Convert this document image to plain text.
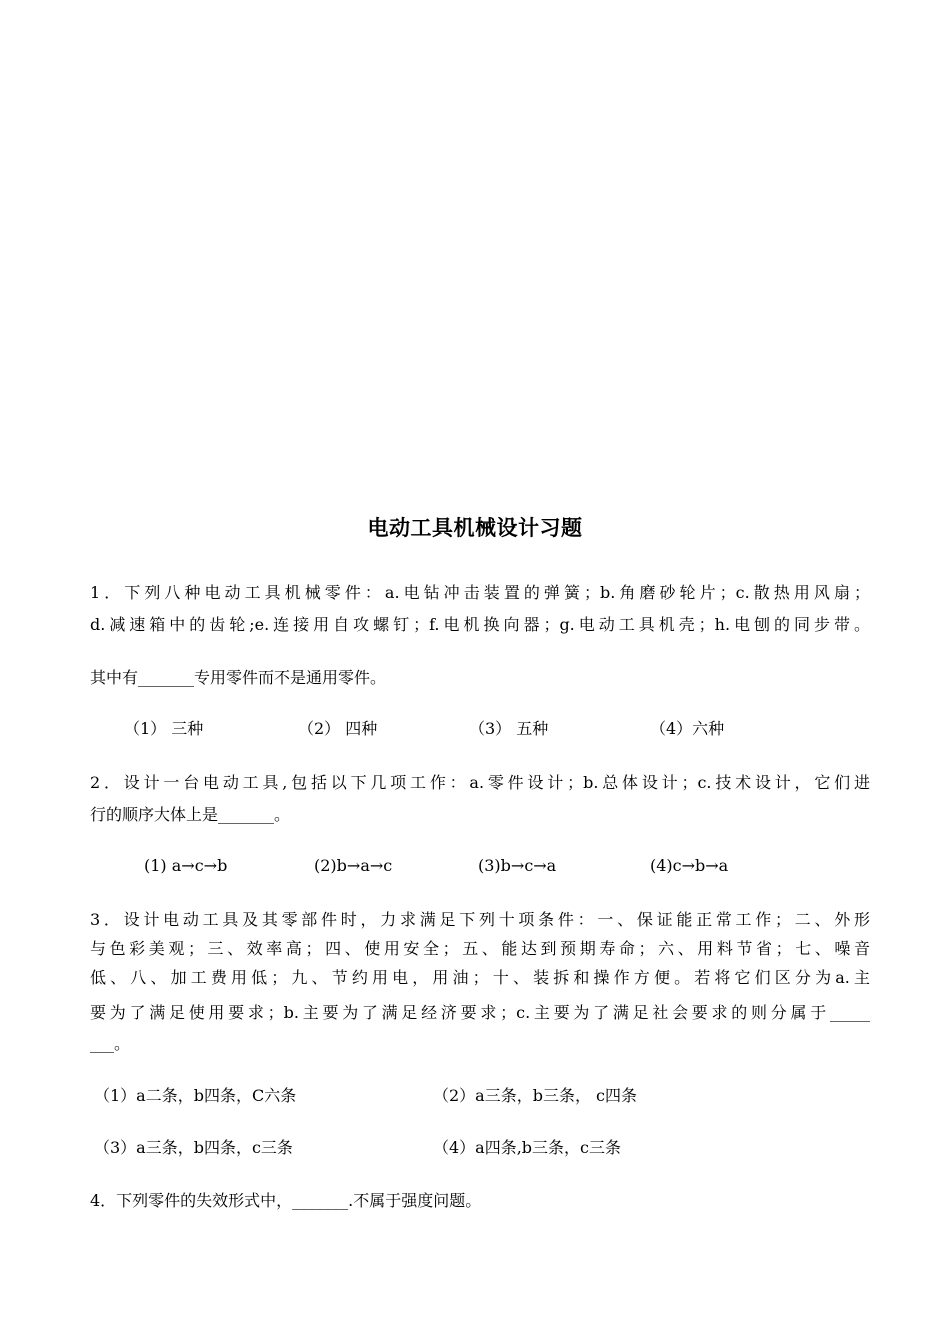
电动工具机械设计习题
1．下列八种电动工具机械零件：a.电钻冲击装置的弹簧；b.角磨砂轮片；c.散热用风扇；
d.减速箱中的齿轮;e.连接用自攻螺钉；f.电机换向器；g.电动工具机壳；h.电刨的同步带。
其中有_______专用零件而不是通用零件。
（1） 三种	（2） 四种	（3） 五种	（4）六种
2．设计一台电动工具,包括以下几项工作：a.零件设计；b.总体设计；c.技术设计，它们进
行的顺序大体上是_______。
(1) a→c→b	(2)b→a→c	(3)b→c→a	(4)c→b→a
3．设计电动工具及其零部件时，力求满足下列十项条件：一、保证能正常工作；二、外形
与色彩美观；三、效率高；四、使用安全；五、能达到预期寿命；六、用料节省；七、噪音
低、八、加工费用低；九、节约用电，用油；十、装拆和操作方便。若将它们区分为a.主
要为了满足使用要求；b.主要为了满足经济要求；c.主要为了满足社会要求的则分属于_____
___。
（1）a二条，b四条，C六条	（2）a三条，b三条， c四条
（3）a三条，b四条，c三条	（4）a四条,b三条，c三条
4．下列零件的失效形式中，_______.不属于强度问题。
